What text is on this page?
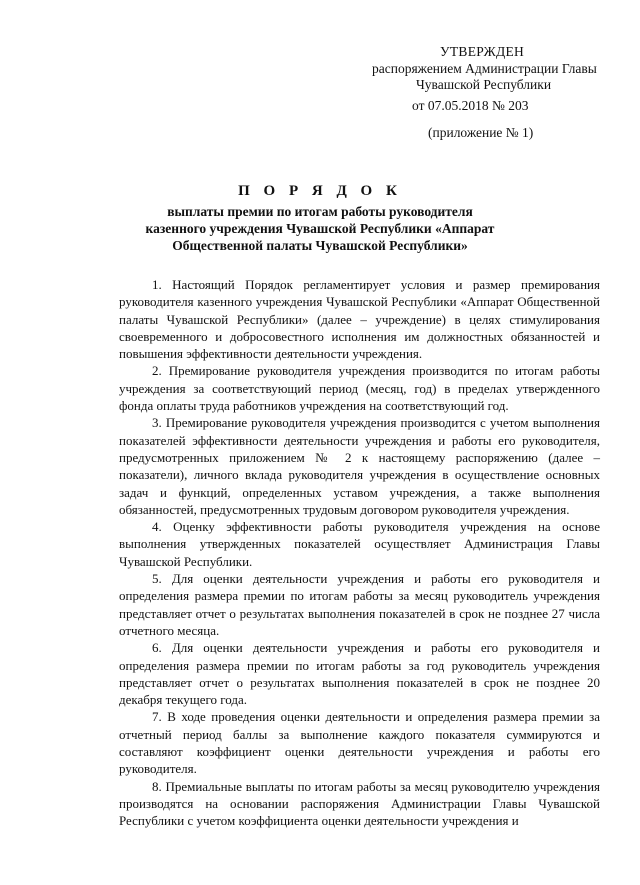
УТВЕРЖДЕН
распоряжением Администрации Главы
Чувашской Республики
от 07.05.2018 № 203
(приложение № 1)
П О Р Я Д О К
выплаты премии по итогам работы руководителя
казенного учреждения Чувашской Республики «Аппарат
Общественной палаты Чувашской Республики»

1. Настоящий Порядок регламентирует условия и размер премирования руководителя казенного учреждения Чувашской Республики «Аппарат Общественной палаты Чувашской Республики» (далее – учреждение) в целях стимулирования своевременного и добросовестного исполнения им должностных обязанностей и повышения эффективности деятельности учреждения.

2. Премирование руководителя учреждения производится по итогам работы учреждения за соответствующий период (месяц, год) в пределах утвержденного фонда оплаты труда работников учреждения на соответствующий год.

3. Премирование руководителя учреждения производится с учетом выполнения показателей эффективности деятельности учреждения и работы его руководителя, предусмотренных приложением № 2 к настоящему распоряжению (далее – показатели), личного вклада руководителя учреждения в осуществление основных задач и функций, определенных уставом учреждения, а также выполнения обязанностей, предусмотренных трудовым договором руководителя учреждения.

4. Оценку эффективности работы руководителя учреждения на основе выполнения утвержденных показателей осуществляет Администрация Главы Чувашской Республики.

5. Для оценки деятельности учреждения и работы его руководителя и определения размера премии по итогам работы за месяц руководитель учреждения представляет отчет о результатах выполнения показателей в срок не позднее 27 числа отчетного месяца.

6. Для оценки деятельности учреждения и работы его руководителя и определения размера премии по итогам работы за год руководитель учреждения представляет отчет о результатах выполнения показателей в срок не позднее 20 декабря текущего года.

7. В ходе проведения оценки деятельности и определения размера премии за отчетный период баллы за выполнение каждого показателя суммируются и составляют коэффициент оценки деятельности учреждения и работы его руководителя.

8. Премиальные выплаты по итогам работы за месяц руководителю учреждения производятся на основании распоряжения Администрации Главы Чувашской Республики с учетом коэффициента оценки деятельности учреждения и
